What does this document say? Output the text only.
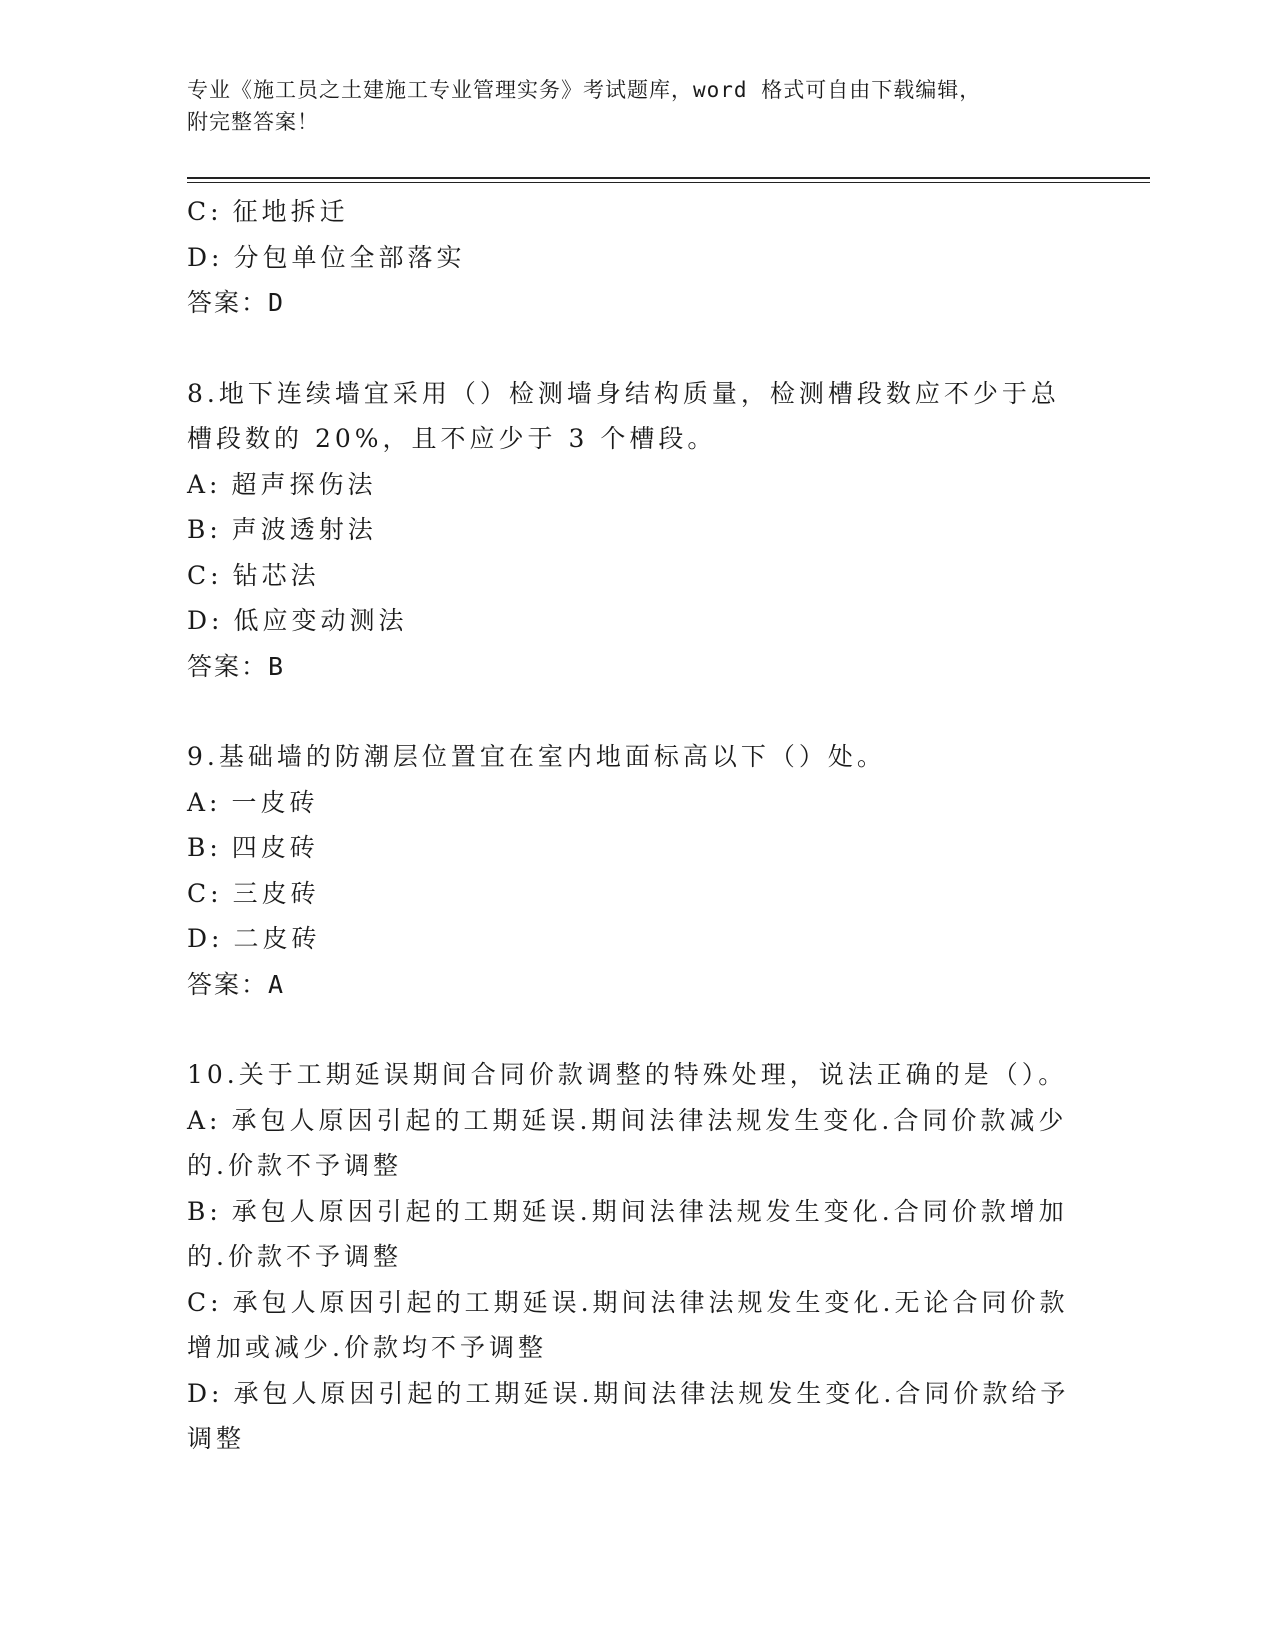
专业《施工员之土建施工专业管理实务》考试题库，word 格式可自由下载编辑，
附完整答案！
C: 征地拆迁
D: 分包单位全部落实
答案：D
8.地下连续墙宜采用（）检测墙身结构质量，检测槽段数应不少于总
槽段数的 20%，且不应少于 3 个槽段。
A: 超声探伤法
B: 声波透射法
C: 钻芯法
D: 低应变动测法
答案：B
9.基础墙的防潮层位置宜在室内地面标高以下（）处。
A: 一皮砖
B: 四皮砖
C: 三皮砖
D: 二皮砖
答案：A
10.关于工期延误期间合同价款调整的特殊处理，说法正确的是（）。
A: 承包人原因引起的工期延误.期间法律法规发生变化.合同价款减少
的.价款不予调整
B: 承包人原因引起的工期延误.期间法律法规发生变化.合同价款增加
的.价款不予调整
C: 承包人原因引起的工期延误.期间法律法规发生变化.无论合同价款
增加或减少.价款均不予调整
D: 承包人原因引起的工期延误.期间法律法规发生变化.合同价款给予
调整
